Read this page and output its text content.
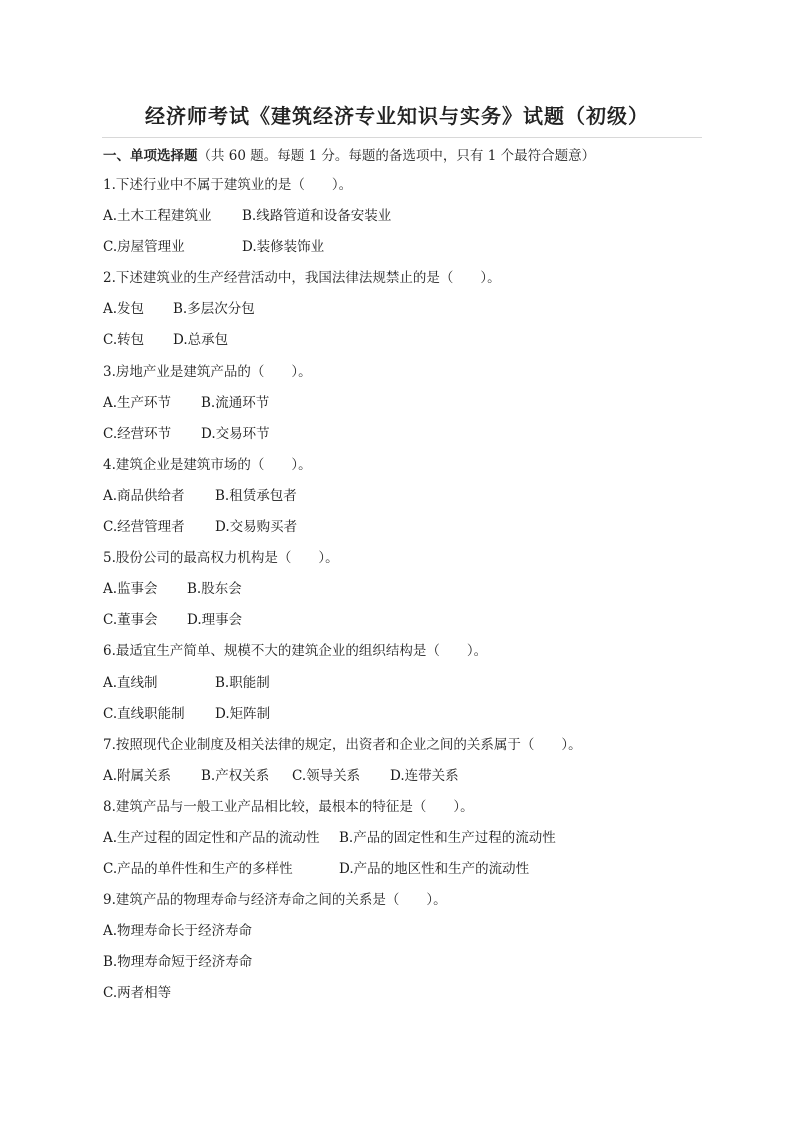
经济师考试《建筑经济专业知识与实务》试题（初级）
一、单项选择题（共 60 题。每题 1 分。每题的备选项中，只有 1 个最符合题意）
1.下述行业中不属于建筑业的是（　　）。
A.土木工程建筑业	B.线路管道和设备安装业
C.房屋管理业	D.装修装饰业
2.下述建筑业的生产经营活动中，我国法律法规禁止的是（　　）。
A.发包	B.多层次分包
C.转包	D.总承包
3.房地产业是建筑产品的（　　）。
A.生产环节	B.流通环节
C.经营环节	D.交易环节
4.建筑企业是建筑市场的（　　）。
A.商品供给者	B.租赁承包者
C.经营管理者	D.交易购买者
5.股份公司的最高权力机构是（　　）。
A.监事会	B.股东会
C.董事会	D.理事会
6.最适宜生产简单、规模不大的建筑企业的组织结构是（　　）。
A.直线制	B.职能制
C.直线职能制	D.矩阵制
7.按照现代企业制度及相关法律的规定，出资者和企业之间的关系属于（　　）。
A.附属关系	B.产权关系	C.领导关系	D.连带关系
8.建筑产品与一般工业产品相比较，最根本的特征是（　　）。
A.生产过程的固定性和产品的流动性	B.产品的固定性和生产过程的流动性
C.产品的单件性和生产的多样性	D.产品的地区性和生产的流动性
9.建筑产品的物理寿命与经济寿命之间的关系是（　　）。
A.物理寿命长于经济寿命
B.物理寿命短于经济寿命
C.两者相等
